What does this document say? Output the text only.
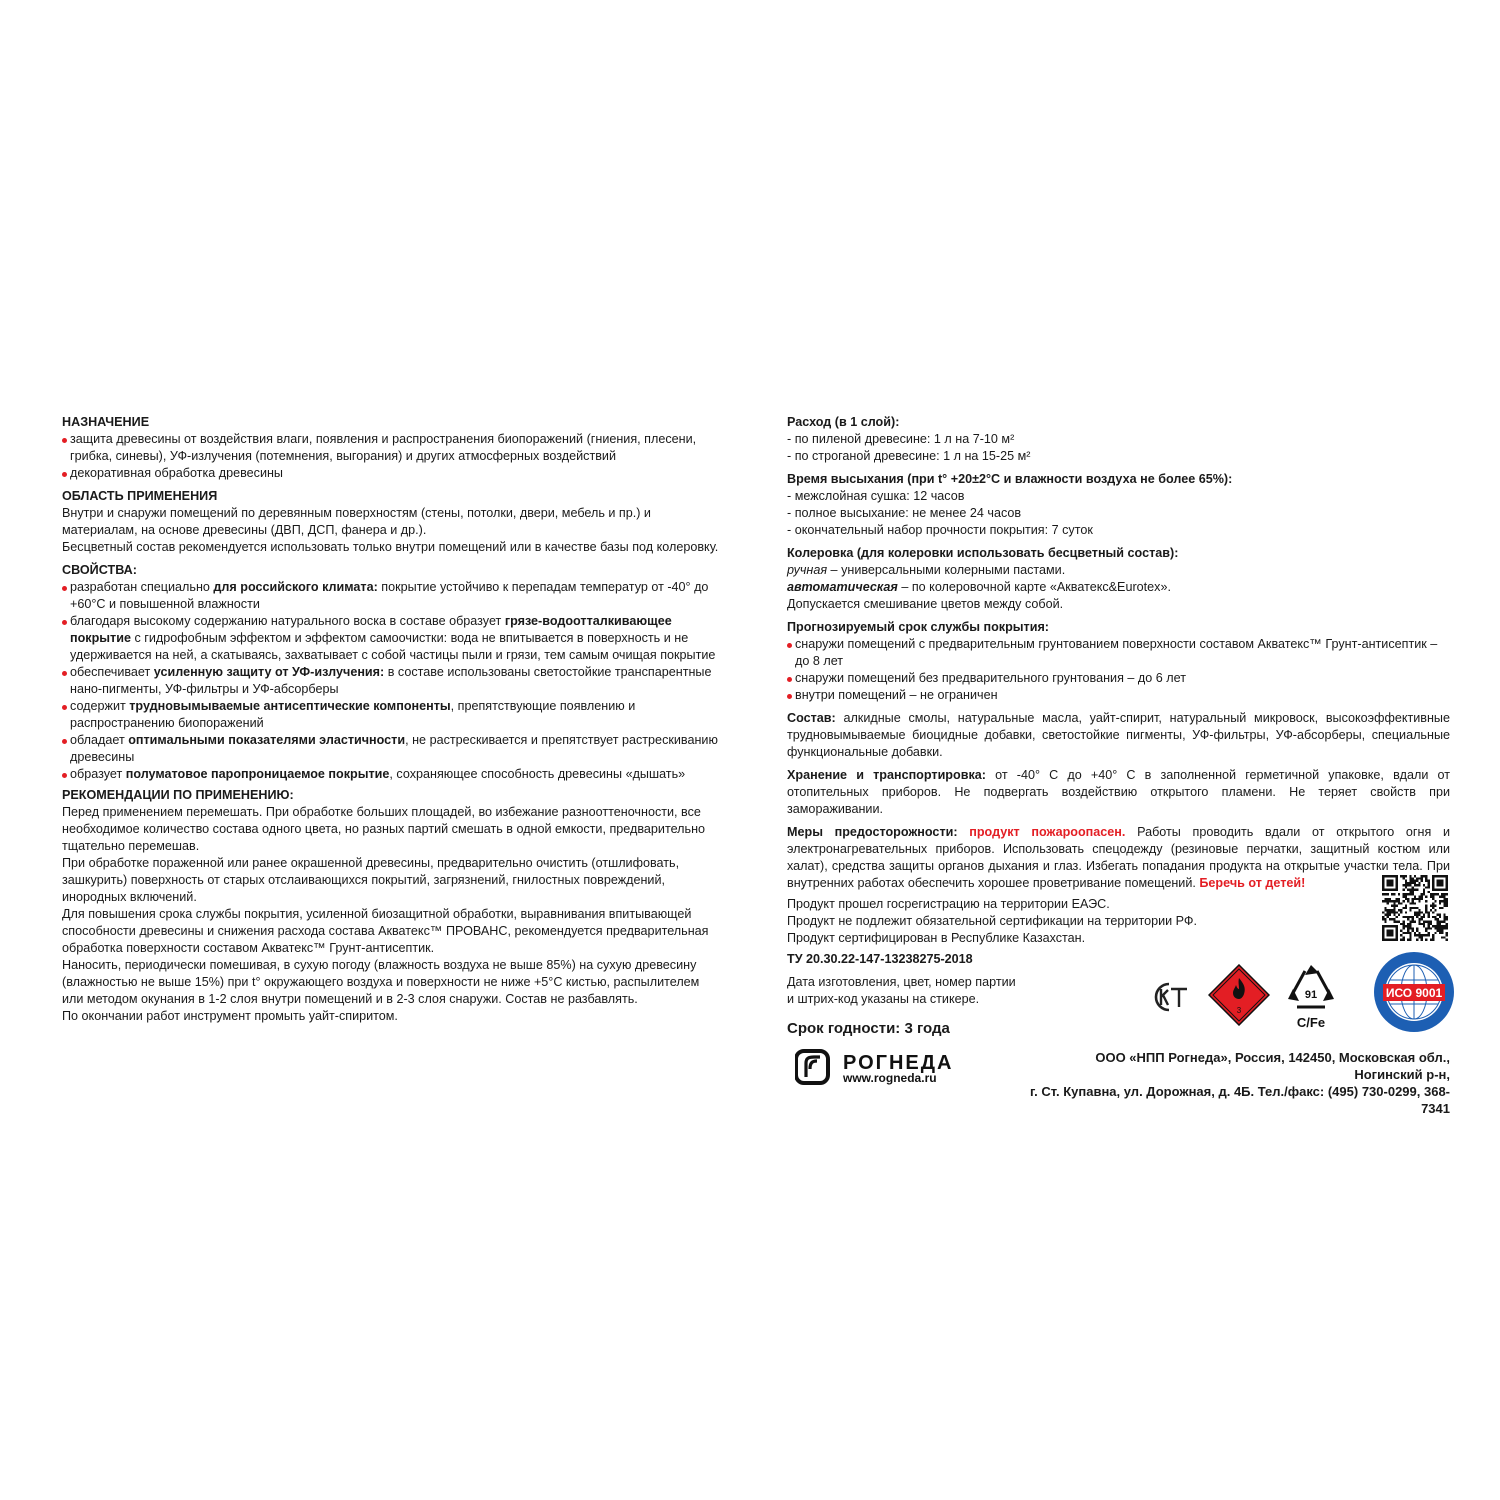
НАЗНАЧЕНИЕ

защита древесины от воздействия влаги, появления и распространения биопоражений (гниения, плесени, грибка, синевы), УФ-излучения (потемнения, выгорания) и других атмосферных воздействий

декоративная обработка древесины

ОБЛАСТЬ ПРИМЕНЕНИЯ

Внутри и снаружи помещений по деревянным поверхностям (стены, потолки, двери, мебель и пр.) и материалам, на основе древесины (ДВП, ДСП, фанера и др.).

Бесцветный состав рекомендуется использовать только внутри помещений или в качестве базы под колеровку.

СВОЙСТВА:

разработан специально для российского климата: покрытие устойчиво к перепадам температур от -40° до +60°С и повышенной влажности

благодаря высокому содержанию натурального воска в составе образует грязе-водоотталкивающее покрытие с гидрофобным эффектом и эффектом самоочистки: вода не впитывается в поверхность и не удерживается на ней, а скатываясь, захватывает с собой частицы пыли и грязи, тем самым очищая покрытие

обеспечивает усиленную защиту от УФ-излучения: в составе использованы светостойкие транспарентные нано-пигменты, УФ-фильтры и УФ-абсорберы

содержит трудновымываемые антисептические компоненты, препятствующие появлению и распространению биопоражений

обладает оптимальными показателями эластичности, не растрескивается и препятствует растрескиванию древесины

образует полуматовое паропроницаемое покрытие, сохраняющее способность древесины «дышать»

РЕКОМЕНДАЦИИ ПО ПРИМЕНЕНИЮ:

Перед применением перемешать. При обработке больших площадей, во избежание разнооттеночности, все необходимое количество состава одного цвета, но разных партий смешать в одной емкости, предварительно тщательно перемешав.

При обработке пораженной или ранее окрашенной древесины, предварительно очистить (отшлифовать, зашкурить) поверхность от старых отслаивающихся покрытий, загрязнений, гнилостных повреждений, инородных включений.

Для повышения срока службы покрытия, усиленной биозащитной обработки, выравнивания впитывающей способности древесины и снижения расхода состава Акватекс™ ПРОВАНС, рекомендуется предварительная обработка поверхности составом Акватекс™ Грунт-антисептик.

Наносить, периодически помешивая, в сухую погоду (влажность воздуха не выше 85%) на сухую древесину (влажностью не выше 15%) при t° окружающего воздуха и поверхности не ниже +5°С кистью, распылителем или методом окунания в 1-2 слоя внутри помещений и в 2-3 слоя снаружи. Состав не разбавлять.

По окончании работ инструмент промыть уайт-спиритом.

Расход (в 1 слой):

- по пиленой древесине: 1 л на 7-10 м²

- по строганой древесине: 1 л на 15-25 м²

Время высыхания (при t° +20±2°С и влажности воздуха не более 65%):

- межслойная сушка: 12 часов

- полное высыхание: не менее 24 часов

- окончательный набор прочности покрытия: 7 суток

Колеровка (для колеровки использовать бесцветный состав):

ручная – универсальными колерными пастами.

автоматическая – по колеровочной карте «Акватекс&Eurotex».

Допускается смешивание цветов между собой.

Прогнозируемый срок службы покрытия:

снаружи помещений с предварительным грунтованием поверхности составом Акватекс™ Грунт-антисептик – до 8 лет

снаружи помещений без предварительного грунтования – до 6 лет

внутри помещений – не ограничен

Состав: алкидные смолы, натуральные масла, уайт-спирит, натуральный микровоск, высокоэффективные трудновымываемые биоцидные добавки, светостойкие пигменты, УФ-фильтры, УФ-абсорберы, специальные функциональные добавки.

Хранение и транспортировка: от -40° С до +40° С в заполненной герметичной упаковке, вдали от отопительных приборов. Не подвергать воздействию открытого пламени. Не теряет свойств при замораживании.

Меры предосторожности: продукт пожароопасен. Работы проводить вдали от открытого огня и электронагревательных приборов. Использовать спецодежду (резиновые перчатки, защитный костюм или халат), средства защиты органов дыхания и глаз. Избегать попадания продукта на открытые участки тела. При внутренних работах обеспечить хорошее проветривание помещений. Беречь от детей!

Продукт прошел госрегистрацию на территории ЕАЭС.

Продукт не подлежит обязательной сертификации на территории РФ.

Продукт сертифицирован в Республике Казахстан.

ТУ 20.30.22-147-13238275-2018

Дата изготовления, цвет, номер партии

и штрих-код указаны на стикере.

Срок годности: 3 года

KZ	3
91
C/Fe
ИСО 9001
РОГНЕДА
www.rogneda.ru
ООО «НПП Рогнеда», Россия, 142450, Московская обл., Ногинский р-н,
г. Ст. Купавна, ул. Дорожная, д. 4Б. Тел./факс: (495) 730-0299, 368-7341
